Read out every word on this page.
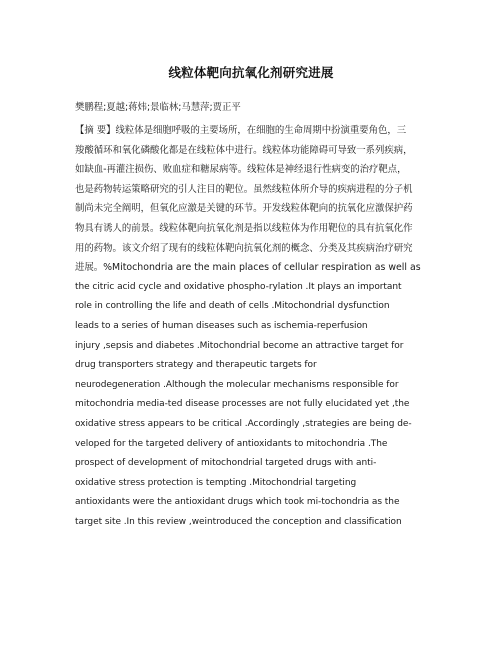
线粒体靶向抗氧化剂研究进展
樊鹏程;夏越;蒋炜;景临林;马慧萍;贾正平
【摘 要】线粒体是细胞呼吸的主要场所，在细胞的生命周期中扮演重要角色，三
羧酸循环和氧化磷酸化都是在线粒体中进行。线粒体功能障碍可导致一系列疾病，
如缺血-再灌注损伤、败血症和糖尿病等。线粒体是神经退行性病变的治疗靶点，
也是药物转运策略研究的引人注目的靶位。虽然线粒体所介导的疾病进程的分子机
制尚未完全阐明，但氧化应激是关键的环节。开发线粒体靶向的抗氧化应激保护药
物具有诱人的前景。线粒体靶向抗氧化剂是指以线粒体为作用靶位的具有抗氧化作
用的药物。该文介绍了现有的线粒体靶向抗氧化剂的概念、分类及其疾病治疗研究
进展。%Mitochondria are the main places of cellular respiration as well as
the citric acid cycle and oxidative phospho-rylation .It plays an important
role in controlling the life and death of cells .Mitochondrial dysfunction
leads to a series of human diseases such as ischemia-reperfusion
injury ,sepsis and diabetes .Mitochondrial become an attractive target for
drug transporters strategy and therapeutic targets for
neurodegeneration .Although the molecular mechanisms responsible for
mitochondria media-ted disease processes are not fully elucidated yet ,the
oxidative stress appears to be critical .Accordingly ,strategies are being de-
veloped for the targeted delivery of antioxidants to mitochondria .The
prospect of development of mitochondrial targeted drugs with anti-
oxidative stress protection is tempting .Mitochondrial targeting
antioxidants were the antioxidant drugs which took mi-tochondria as the
target site .In this review ,weintroduced the conception and classification
